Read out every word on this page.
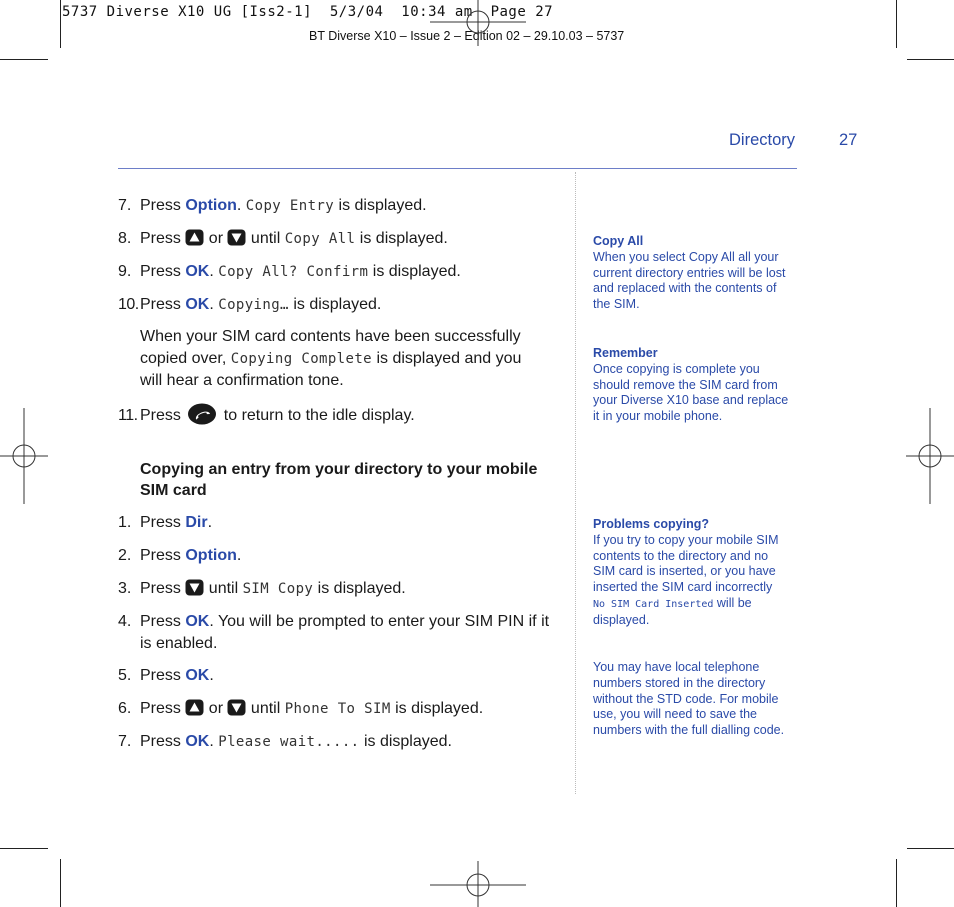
5737 Diverse X10 UG [Iss2-1]  5/3/04  10:34 am  Page 27
BT Diverse X10 – Issue 2 – Edition 02 – 29.10.03 – 5737
Directory	27
7. Press Option. Copy Entry is displayed.
8. Press  or  until Copy All is displayed.
9. Press OK. Copy All? Confirm is displayed.
10.Press OK. Copying… is displayed.
When your SIM card contents have been successfully
copied over, Copying Complete is displayed and you
will hear a confirmation tone.
11. Press  to return to the idle display.
Copying an entry from your directory to your mobile SIM card
1. Press Dir.
2. Press Option.
3. Press  until SIM Copy is displayed.
4. Press OK. You will be prompted to enter your SIM PIN if it
is enabled.
5. Press OK.
6. Press  or  until Phone To SIM is displayed.
7. Press OK. Please wait..... is displayed.
Copy All
When you select Copy All all your
current directory entries will be lost
and replaced with the contents of
the SIM.
Remember
Once copying is complete you
should remove the SIM card from
your Diverse X10 base and replace
it in your mobile phone.
Problems copying?
If you try to copy your mobile SIM
contents to the directory and no
SIM card is inserted, or you have
inserted the SIM card incorrectly
No SIM Card Inserted will be
displayed.
You may have local telephone
numbers stored in the directory
without the STD code. For mobile
use, you will need to save the
numbers with the full dialling code.
